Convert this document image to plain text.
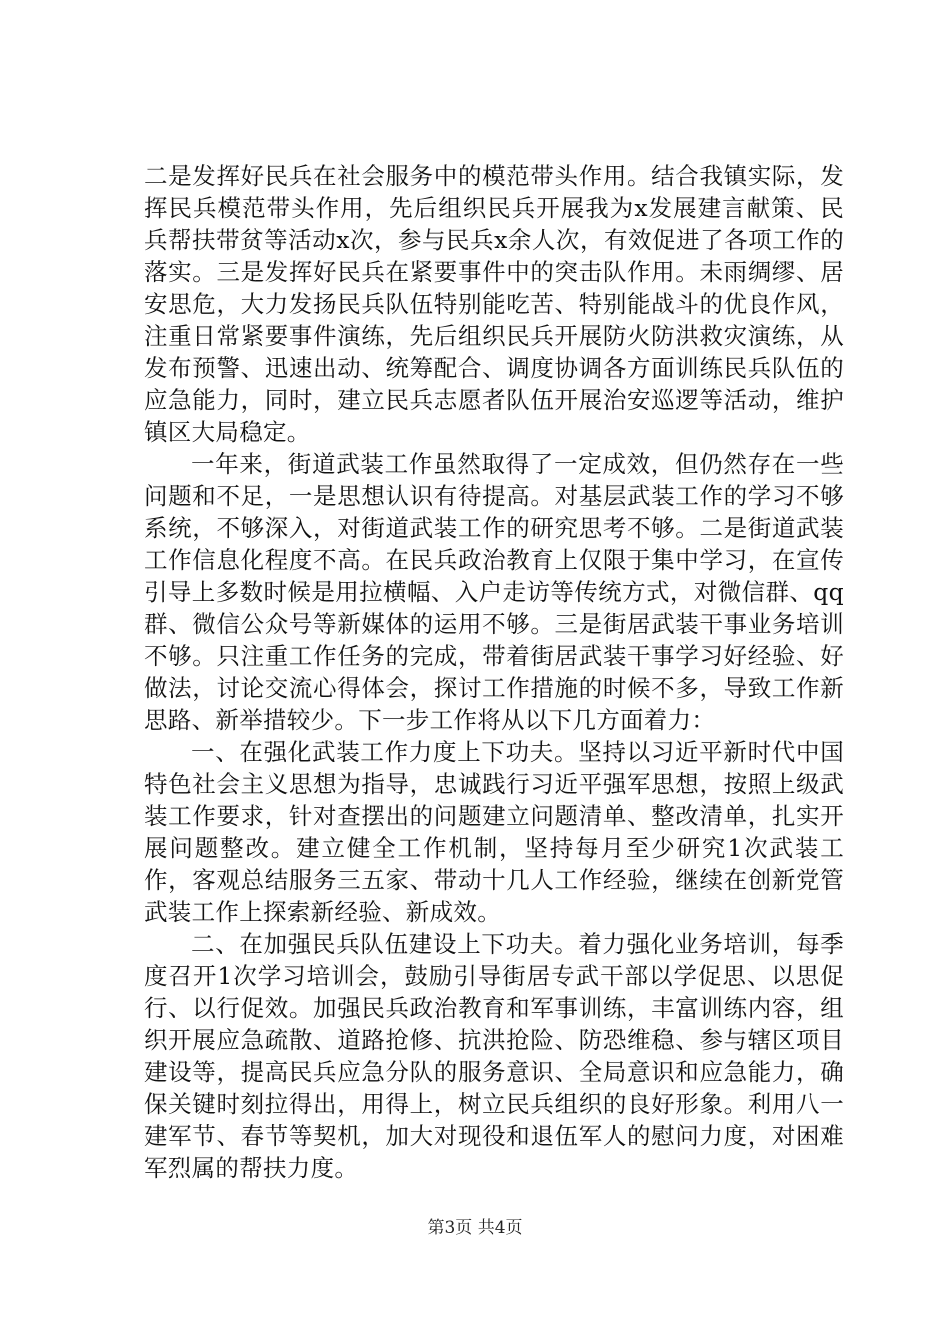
二是发挥好民兵在社会服务中的模范带头作用。结合我镇实际，发挥民兵模范带头作用，先后组织民兵开展我为x发展建言献策、民兵帮扶带贫等活动x次，参与民兵x余人次，有效促进了各项工作的落实。三是发挥好民兵在紧要事件中的突击队作用。未雨绸缪、居安思危，大力发扬民兵队伍特别能吃苦、特别能战斗的优良作风，注重日常紧要事件演练，先后组织民兵开展防火防洪救灾演练，从发布预警、迅速出动、统筹配合、调度协调各方面训练民兵队伍的应急能力，同时，建立民兵志愿者队伍开展治安巡逻等活动，维护镇区大局稳定。

一年来，街道武装工作虽然取得了一定成效，但仍然存在一些问题和不足，一是思想认识有待提高。对基层武装工作的学习不够系统，不够深入，对街道武装工作的研究思考不够。二是街道武装工作信息化程度不高。在民兵政治教育上仅限于集中学习，在宣传引导上多数时候是用拉横幅、入户走访等传统方式，对微信群、qq群、微信公众号等新媒体的运用不够。三是街居武装干事业务培训不够。只注重工作任务的完成，带着街居武装干事学习好经验、好做法，讨论交流心得体会，探讨工作措施的时候不多，导致工作新思路、新举措较少。下一步工作将从以下几方面着力：

一、在强化武装工作力度上下功夫。坚持以习近平新时代中国特色社会主义思想为指导，忠诚践行习近平强军思想，按照上级武装工作要求，针对查摆出的问题建立问题清单、整改清单，扎实开展问题整改。建立健全工作机制，坚持每月至少研究1次武装工作，客观总结服务三五家、带动十几人工作经验，继续在创新党管武装工作上探索新经验、新成效。

二、在加强民兵队伍建设上下功夫。着力强化业务培训，每季度召开1次学习培训会，鼓励引导街居专武干部以学促思、以思促行、以行促效。加强民兵政治教育和军事训练，丰富训练内容，组织开展应急疏散、道路抢修、抗洪抢险、防恐维稳、参与辖区项目建设等，提高民兵应急分队的服务意识、全局意识和应急能力，确保关键时刻拉得出，用得上，树立民兵组织的良好形象。利用八一建军节、春节等契机，加大对现役和退伍军人的慰问力度，对困难军烈属的帮扶力度。

第3页 共4页
